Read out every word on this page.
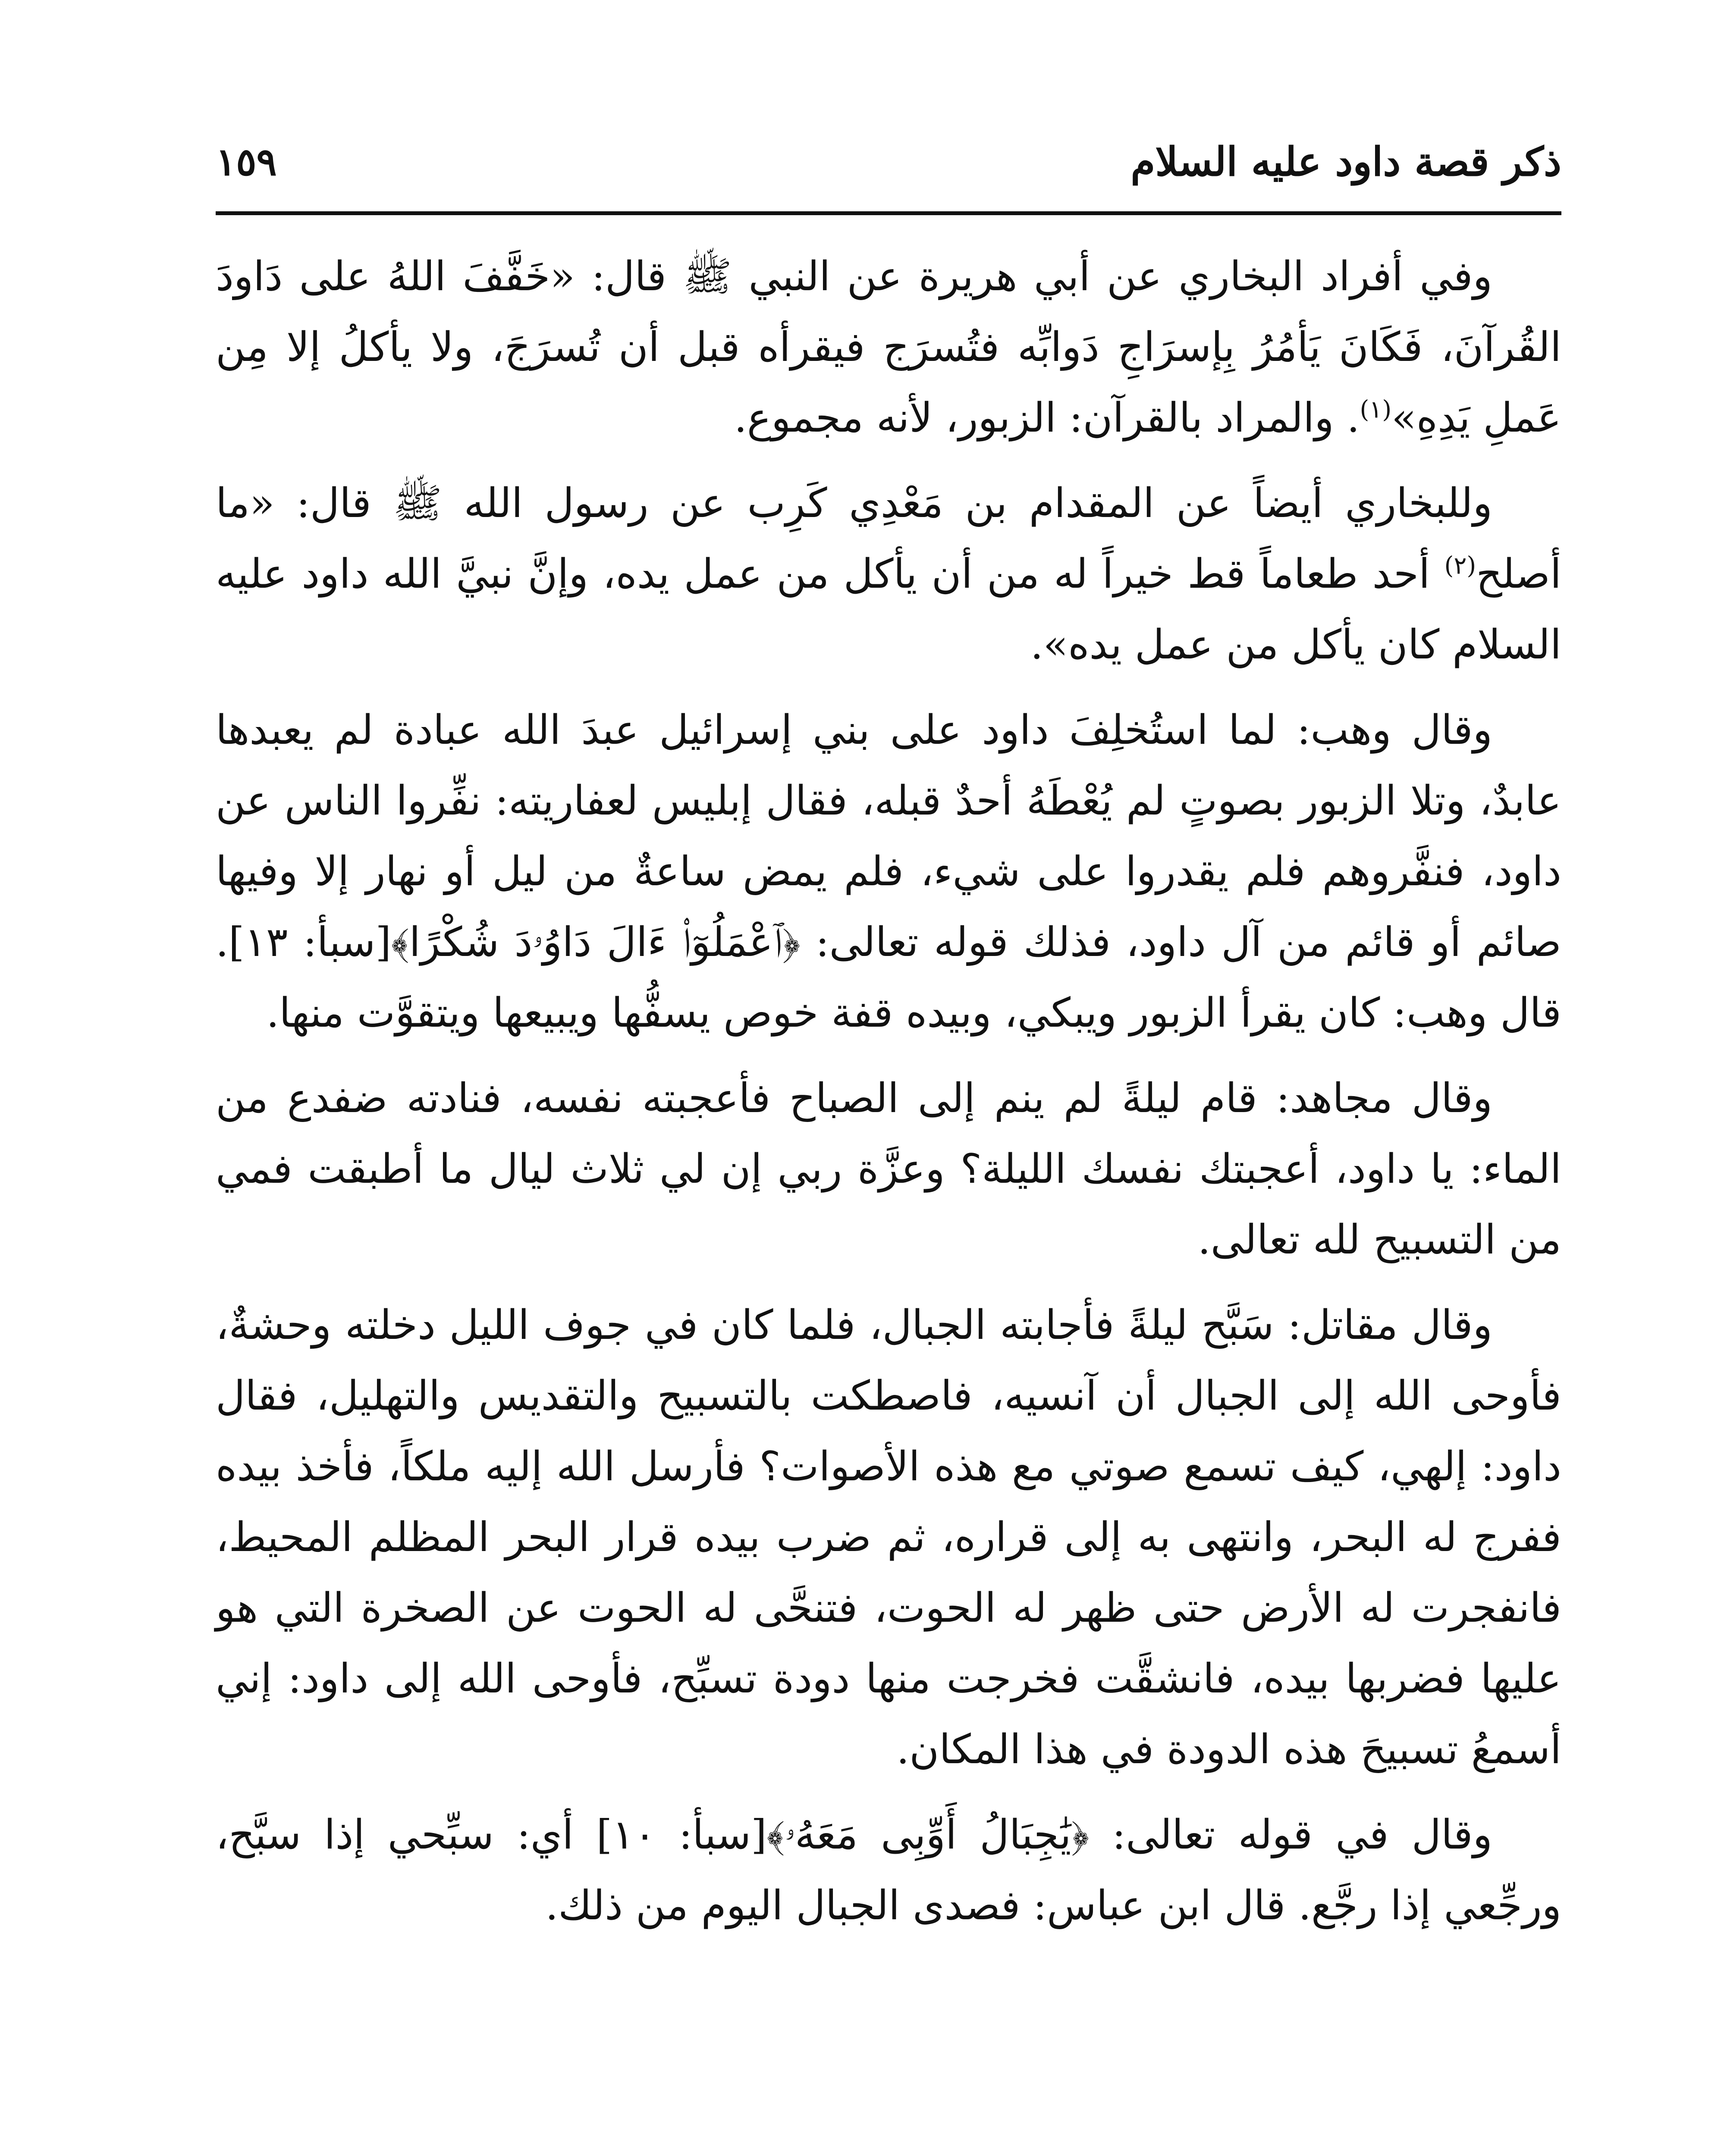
ذكر قصة داود عليه السلام
١٥٩

وفي أفراد البخاري عن أبي هريرة عن النبي ﷺ قال: «خَفَّفَ اللهُ على دَاودَ القُرآنَ، فَكَانَ يَأمُرُ بِإسرَاجِ دَوابِّه فتُسرَج فيقرأه قبل أن تُسرَجَ، ولا يأكلُ إلا مِن عَملِ يَدِهِ»$^{(١)}$. والمراد بالقرآن: الزبور، لأنه مجموع.

وللبخاري أيضاً عن المقدام بن مَعْدِي كَرِب عن رسول الله ﷺ قال: «ما أصلح$^{(٢)}$ أحد طعاماً قط خيراً له من أن يأكل من عمل يده، وإنَّ نبيَّ الله داود عليه السلام كان يأكل من عمل يده».

وقال وهب: لما استُخلِفَ داود على بني إسرائيل عبدَ الله عبادة لم يعبدها عابدٌ، وتلا الزبور بصوتٍ لم يُعْطَهُ أحدٌ قبله، فقال إبليس لعفاريته: نفِّروا الناس عن داود، فنفَّروهم فلم يقدروا على شيء، فلم يمض ساعةٌ من ليل أو نهار إلا وفيها صائم أو قائم من آل داود، فذلك قوله تعالى: ﴿ٱعْمَلُوٓا۟ ءَالَ دَاوُۥدَ شُكْرًا﴾[سبأ: ١٣]. قال وهب: كان يقرأ الزبور ويبكي، وبيده قفة خوص يسفُّها ويبيعها ويتقوَّت منها.

وقال مجاهد: قام ليلةً لم ينم إلى الصباح فأعجبته نفسه، فنادته ضفدع من الماء: يا داود، أعجبتك نفسك الليلة؟ وعزَّة ربي إن لي ثلاث ليال ما أطبقت فمي من التسبيح لله تعالى.

وقال مقاتل: سَبَّح ليلةً فأجابته الجبال، فلما كان في جوف الليل دخلته وحشةٌ، فأوحى الله إلى الجبال أن آنسيه، فاصطكت بالتسبيح والتقديس والتهليل، فقال داود: إلهي، كيف تسمع صوتي مع هذه الأصوات؟ فأرسل الله إليه ملكاً، فأخذ بيده ففرج له البحر، وانتهى به إلى قراره، ثم ضرب بيده قرار البحر المظلم المحيط، فانفجرت له الأرض حتى ظهر له الحوت، فتنحَّى له الحوت عن الصخرة التي هو عليها فضربها بيده، فانشقَّت فخرجت منها دودة تسبِّح، فأوحى الله إلى داود: إني أسمعُ تسبيحَ هذه الدودة في هذا المكان.

وقال في قوله تعالى: ﴿يَٰجِبَالُ أَوِّبِى مَعَهُۥ﴾[سبأ: ١٠] أي: سبِّحي إذا سبَّح، ورجِّعي إذا رجَّع. قال ابن عباس: فصدى الجبال اليوم من ذلك.
